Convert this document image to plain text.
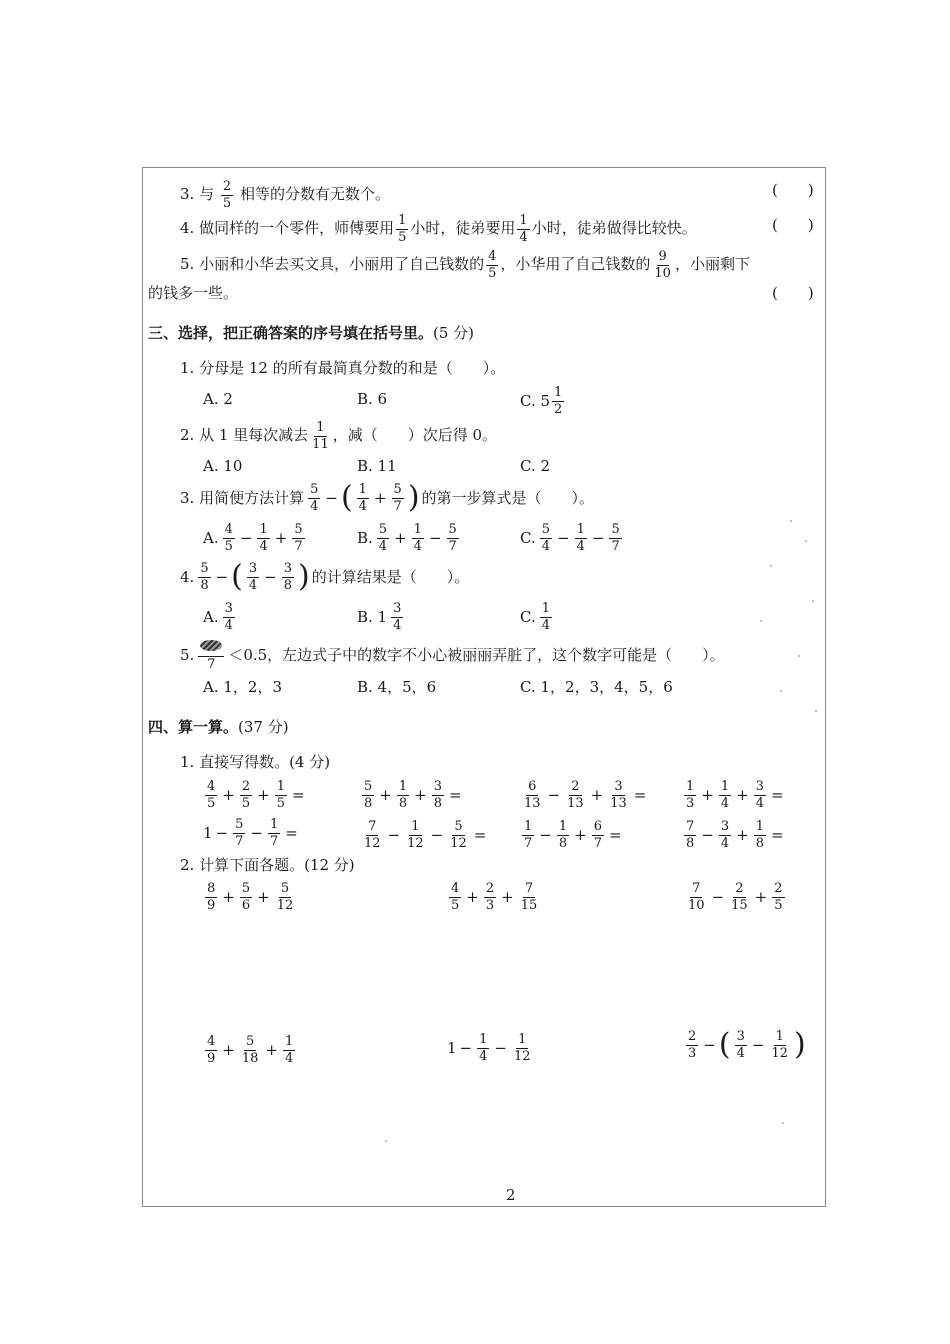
3. 与 $\frac{2}{5}$ 相等的分数有无数个。	(　　)
4. 做同样的一个零件，师傅要用 $\frac{1}{5}$ 小时，徒弟要用 $\frac{1}{4}$ 小时，徒弟做得比较快。	(　　)
5. 小丽和小华去买文具，小丽用了自己钱数的 $\frac{4}{5}$ ，小华用了自己钱数的 $\frac{9}{10}$ ，小丽剩下
的钱多一些。	(　　)
三、选择，把正确答案的序号填在括号里。(5 分)
1. 分母是 12 的所有最简真分数的和是（　　）。
A. 2	B. 6	C. $5 \frac{1}{2}$
2. 从 1 里每次减去 $\frac{1}{11}$ ，减（　　）次后得 0。
A. 10	B. 11	C. 2
3. 用简便方法计算 $\frac{5}{4}$ − ( $\frac{1}{4} + \frac{5}{7}$ ) 的第一步算式是（　　）。
A. $\frac{4}{5} - \frac{1}{4} + \frac{5}{7}$	B. $\frac{5}{4} + \frac{1}{4} - \frac{5}{7}$	C. $\frac{5}{4} - \frac{1}{4} - \frac{5}{7}$
4. $\frac{5}{8}$ − ( $\frac{3}{4} - \frac{3}{8}$ ) 的计算结果是（　　）。
A. $\frac{3}{4}$	B. $1 \frac{3}{4}$	C. $\frac{1}{4}$
5. 7 ＜0.5，左边式子中的数字不小心被丽丽弄脏了，这个数字可能是（　　）。
A. 1，2，3	B. 4，5，6	C. 1，2，3，4，5，6
四、算一算。(37 分)
1. 直接写得数。(4 分)
$\frac{4}{5} + \frac{2}{5} + \frac{1}{5}$ =	$\frac{5}{8} + \frac{1}{8} + \frac{3}{8}$ =	$\frac{6}{13} - \frac{2}{13} + \frac{3}{13}$ =	$\frac{1}{3} + \frac{1}{4} + \frac{3}{4}$ =
$1 - \frac{5}{7} - \frac{1}{7}$ =	$\frac{7}{12} - \frac{1}{12} - \frac{5}{12}$ =	$\frac{1}{7} - \frac{1}{8} + \frac{6}{7}$ =	$\frac{7}{8} - \frac{3}{4} + \frac{1}{8}$ =
2. 计算下面各题。(12 分)
$\frac{8}{9} + \frac{5}{6} + \frac{5}{12}$	$\frac{4}{5} + \frac{2}{3} + \frac{7}{15}$	$\frac{7}{10} - \frac{2}{15} + \frac{2}{5}$
$\frac{4}{9} + \frac{5}{18} + \frac{1}{4}$	$1 - \frac{1}{4} - \frac{1}{12}$	$\frac{2}{3}$ − ( $\frac{3}{4} - \frac{1}{12}$ )
2
